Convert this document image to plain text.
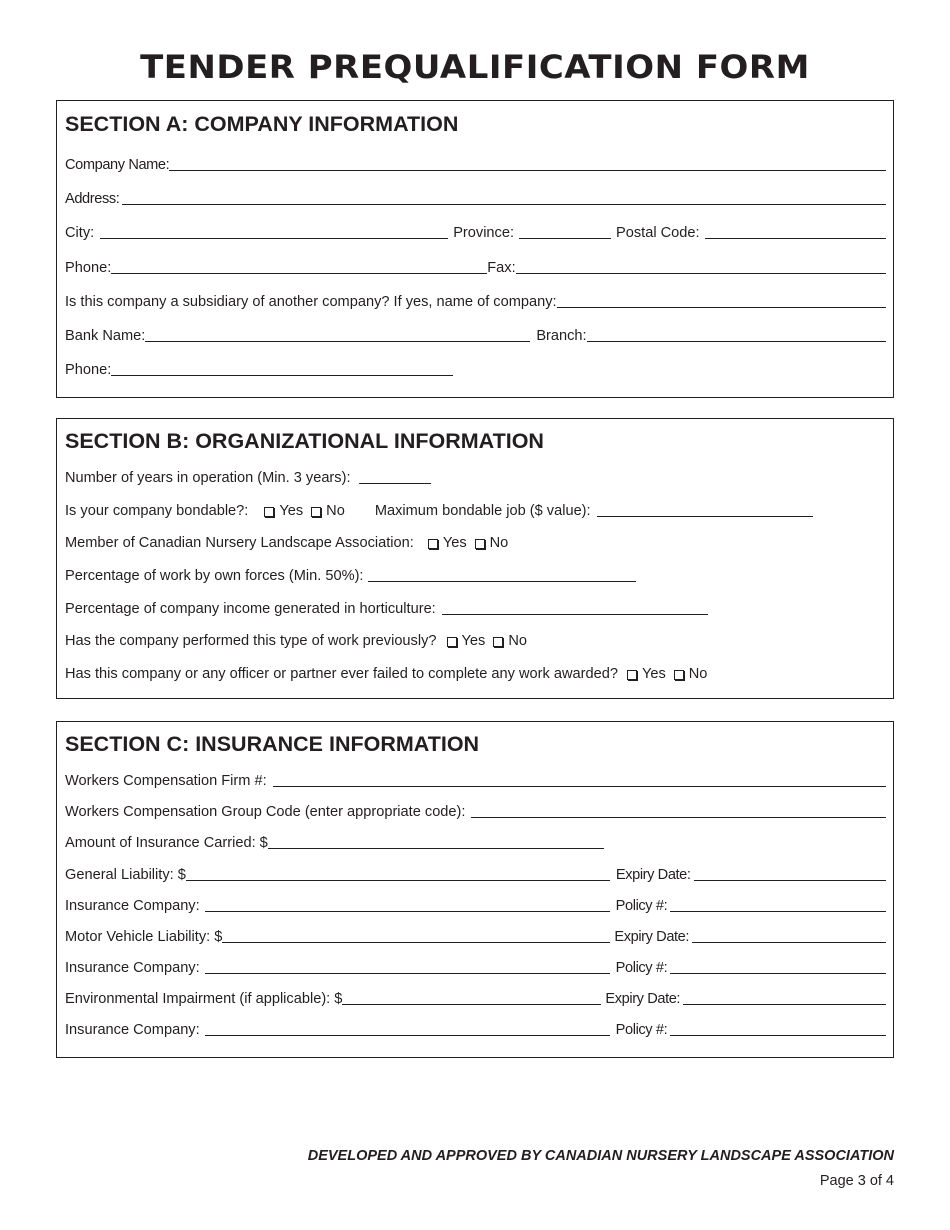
TENDER PREQUALIFICATION FORM
SECTION A: COMPANY INFORMATION
Company Name:
Address:
City:	Province:	Postal Code:
Phone:	Fax:
Is this company a subsidiary of another company? If yes, name of company:
Bank Name:	Branch:
Phone:
SECTION B: ORGANIZATIONAL INFORMATION
Number of years in operation (Min. 3 years):
Is your company bondable?: Yes No Maximum bondable job ($ value):
Member of Canadian Nursery Landscape Association: Yes No
Percentage of work by own forces (Min. 50%):
Percentage of company income generated in horticulture:
Has the company performed this type of work previously? Yes No
Has this company or any officer or partner ever failed to complete any work awarded? Yes No
SECTION C: INSURANCE INFORMATION
Workers Compensation Firm #:
Workers Compensation Group Code (enter appropriate code):
Amount of Insurance Carried: $
General Liability: $	Expiry Date:
Insurance Company:	Policy #:
Motor Vehicle Liability: $	Expiry Date:
Insurance Company:	Policy #:
Environmental Impairment (if applicable): $	Expiry Date:
Insurance Company:	Policy #:
DEVELOPED AND APPROVED BY CANADIAN NURSERY LANDSCAPE ASSOCIATION
Page 3 of 4
